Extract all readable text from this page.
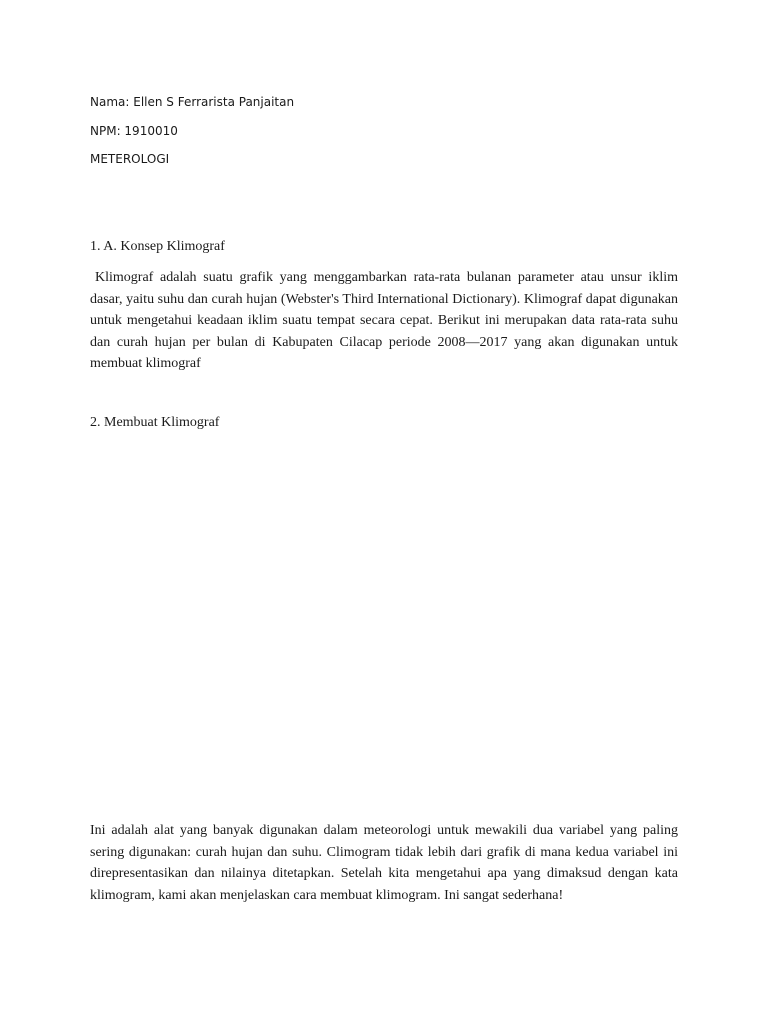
Nama: Ellen S Ferrarista Panjaitan
NPM: 1910010
METEROLOGI
1. A. Konsep Klimograf

Klimograf adalah suatu grafik yang menggambarkan rata-rata bulanan parameter atau unsur iklim dasar, yaitu suhu dan curah hujan (Webster's Third International Dictionary). Klimograf dapat digunakan untuk mengetahui keadaan iklim suatu tempat secara cepat. Berikut ini merupakan data rata-rata suhu dan curah hujan per bulan di Kabupaten Cilacap periode 2008—2017 yang akan digunakan untuk membuat klimograf

2. Membuat Klimograf

Ini adalah alat yang banyak digunakan dalam meteorologi untuk mewakili dua variabel yang paling sering digunakan: curah hujan dan suhu. Climogram tidak lebih dari grafik di mana kedua variabel ini direpresentasikan dan nilainya ditetapkan. Setelah kita mengetahui apa yang dimaksud dengan kata klimogram, kami akan menjelaskan cara membuat klimogram. Ini sangat sederhana!
